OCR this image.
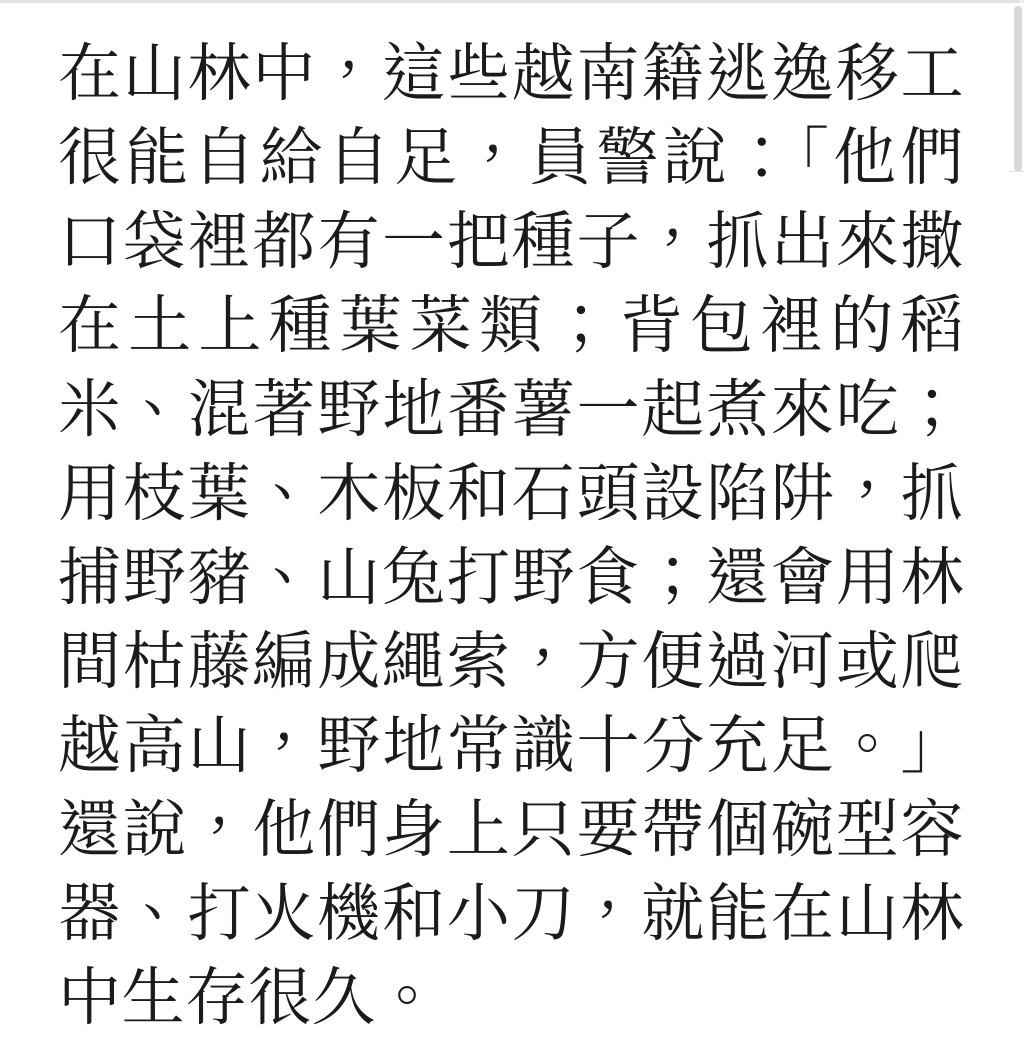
在山林中，這些越南籍逃逸移工很能自給自足，員警說：「他們口袋裡都有一把種子，抓出來撒在土上種葉菜類；背包裡的稻米、混著野地番薯一起煮來吃；用枝葉、木板和石頭設陷阱，抓捕野豬、山兔打野食；還會用林間枯藤編成繩索，方便過河或爬越高山，野地常識十分充足。」還說，他們身上只要帶個碗型容器、打火機和小刀，就能在山林中生存很久。
